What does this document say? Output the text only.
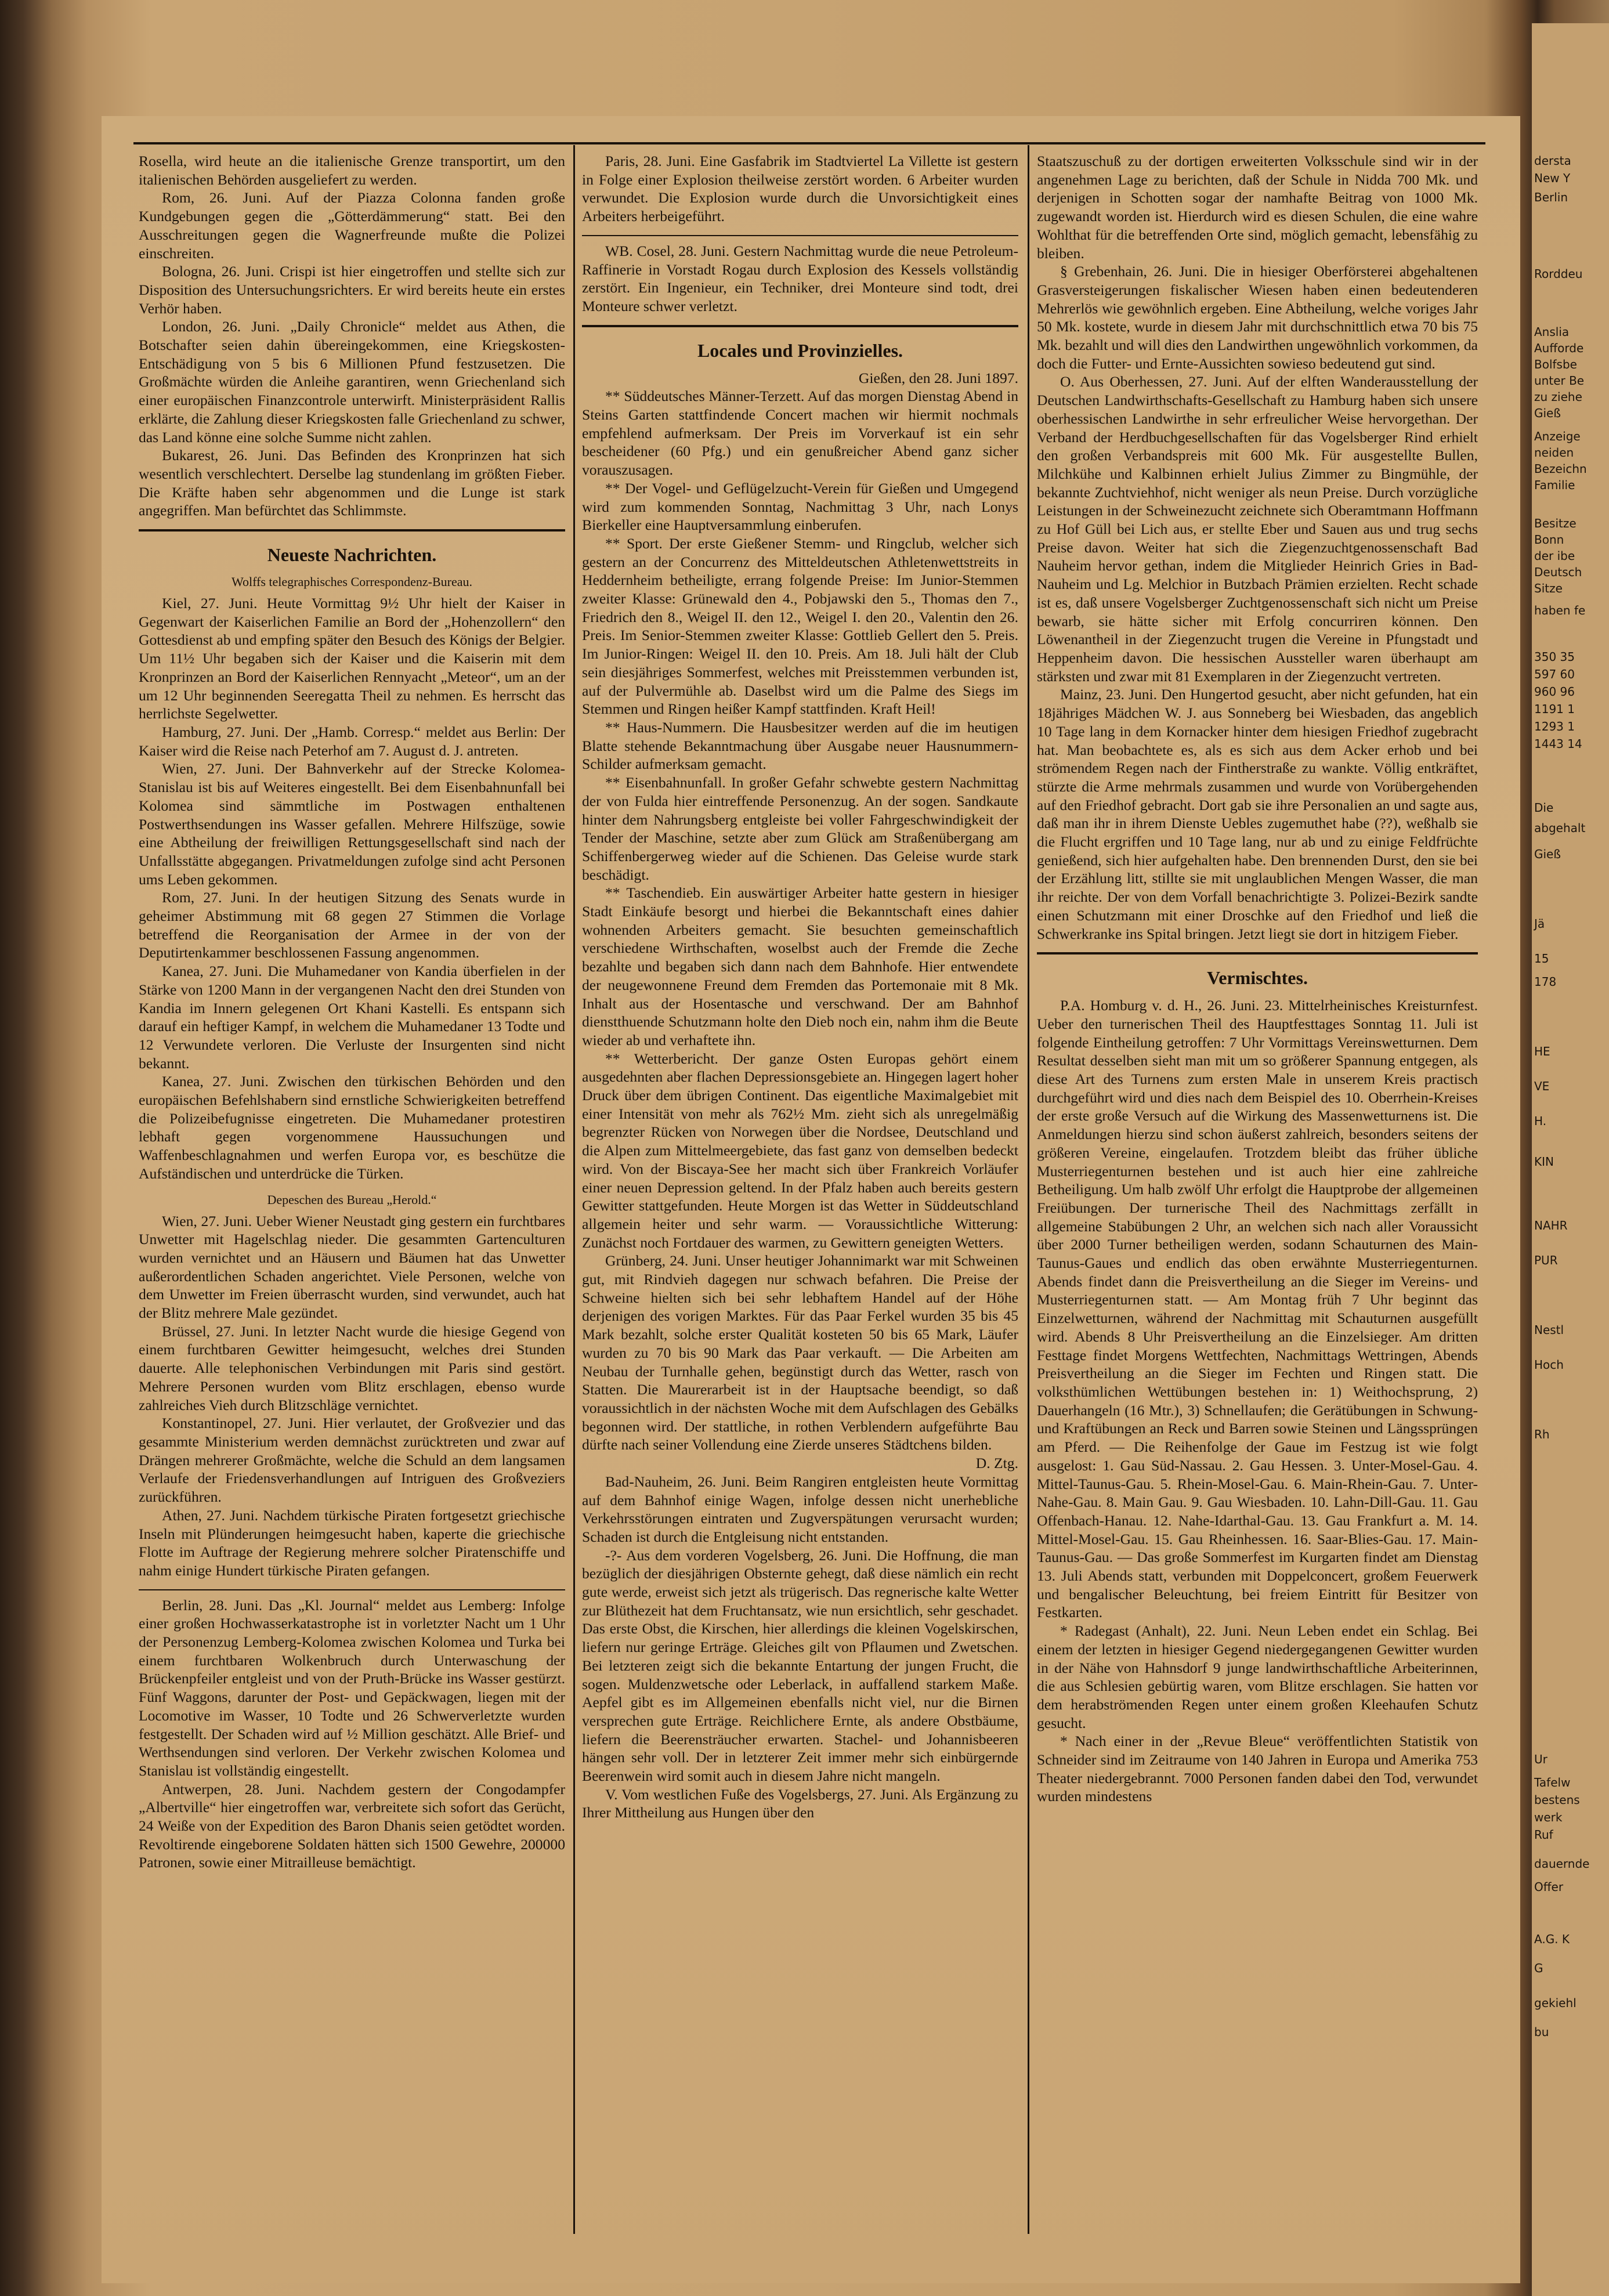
Rosella, wird heute an die italienische Grenze transportirt, um den italienischen Behörden ausgeliefert zu werden.

Rom, 26. Juni. Auf der Piazza Colonna fanden große Kundgebungen gegen die „Götterdämmerung“ statt. Bei den Ausschreitungen gegen die Wagnerfreunde mußte die Polizei einschreiten.

Bologna, 26. Juni. Crispi ist hier eingetroffen und stellte sich zur Disposition des Untersuchungsrichters. Er wird bereits heute ein erstes Verhör haben.

London, 26. Juni. „Daily Chronicle“ meldet aus Athen, die Botschafter seien dahin übereingekommen, eine Kriegskosten-Entschädigung von 5 bis 6 Millionen Pfund festzusetzen. Die Großmächte würden die Anleihe garantiren, wenn Griechenland sich einer europäischen Finanzcontrole unterwirft. Ministerpräsident Rallis erklärte, die Zahlung dieser Kriegskosten falle Griechenland zu schwer, das Land könne eine solche Summe nicht zahlen.

Bukarest, 26. Juni. Das Befinden des Kronprinzen hat sich wesentlich verschlechtert. Derselbe lag stundenlang im größten Fieber. Die Kräfte haben sehr abgenommen und die Lunge ist stark angegriffen. Man befürchtet das Schlimmste.

Neueste Nachrichten.

Wolffs telegraphisches Correspondenz-Bureau.

Kiel, 27. Juni. Heute Vormittag 9½ Uhr hielt der Kaiser in Gegenwart der Kaiserlichen Familie an Bord der „Hohenzollern“ den Gottesdienst ab und empfing später den Besuch des Königs der Belgier. Um 11½ Uhr begaben sich der Kaiser und die Kaiserin mit dem Kronprinzen an Bord der Kaiserlichen Rennyacht „Meteor“, um an der um 12 Uhr beginnenden Seeregatta Theil zu nehmen. Es herrscht das herrlichste Segelwetter.

Hamburg, 27. Juni. Der „Hamb. Corresp.“ meldet aus Berlin: Der Kaiser wird die Reise nach Peterhof am 7. August d. J. antreten.

Wien, 27. Juni. Der Bahnverkehr auf der Strecke Kolomea-Stanislau ist bis auf Weiteres eingestellt. Bei dem Eisenbahnunfall bei Kolomea sind sämmtliche im Postwagen enthaltenen Postwerthsendungen ins Wasser gefallen. Mehrere Hilfszüge, sowie eine Abtheilung der freiwilligen Rettungsgesellschaft sind nach der Unfallsstätte abgegangen. Privatmeldungen zufolge sind acht Personen ums Leben gekommen.

Rom, 27. Juni. In der heutigen Sitzung des Senats wurde in geheimer Abstimmung mit 68 gegen 27 Stimmen die Vorlage betreffend die Reorganisation der Armee in der von der Deputirtenkammer beschlossenen Fassung angenommen.

Kanea, 27. Juni. Die Muhamedaner von Kandia überfielen in der Stärke von 1200 Mann in der vergangenen Nacht den drei Stunden von Kandia im Innern gelegenen Ort Khani Kastelli. Es entspann sich darauf ein heftiger Kampf, in welchem die Muhamedaner 13 Todte und 12 Verwundete verloren. Die Verluste der Insurgenten sind nicht bekannt.

Kanea, 27. Juni. Zwischen den türkischen Behörden und den europäischen Befehlshabern sind ernstliche Schwierigkeiten betreffend die Polizeibefugnisse eingetreten. Die Muhamedaner protestiren lebhaft gegen vorgenommene Haussuchungen und Waffenbeschlagnahmen und werfen Europa vor, es beschütze die Aufständischen und unterdrücke die Türken.

Depeschen des Bureau „Herold.“

Wien, 27. Juni. Ueber Wiener Neustadt ging gestern ein furchtbares Unwetter mit Hagelschlag nieder. Die gesammten Gartenculturen wurden vernichtet und an Häusern und Bäumen hat das Unwetter außerordentlichen Schaden angerichtet. Viele Personen, welche von dem Unwetter im Freien überrascht wurden, sind verwundet, auch hat der Blitz mehrere Male gezündet.

Brüssel, 27. Juni. In letzter Nacht wurde die hiesige Gegend von einem furchtbaren Gewitter heimgesucht, welches drei Stunden dauerte. Alle telephonischen Verbindungen mit Paris sind gestört. Mehrere Personen wurden vom Blitz erschlagen, ebenso wurde zahlreiches Vieh durch Blitzschläge vernichtet.

Konstantinopel, 27. Juni. Hier verlautet, der Großvezier und das gesammte Ministerium werden demnächst zurücktreten und zwar auf Drängen mehrerer Großmächte, welche die Schuld an dem langsamen Verlaufe der Friedensverhandlungen auf Intriguen des Großveziers zurückführen.

Athen, 27. Juni. Nachdem türkische Piraten fortgesetzt griechische Inseln mit Plünderungen heimgesucht haben, kaperte die griechische Flotte im Auftrage der Regierung mehrere solcher Piratenschiffe und nahm einige Hundert türkische Piraten gefangen.

Berlin, 28. Juni. Das „Kl. Journal“ meldet aus Lemberg: Infolge einer großen Hochwasserkatastrophe ist in vorletzter Nacht um 1 Uhr der Personenzug Lemberg-Kolomea zwischen Kolomea und Turka bei einem furchtbaren Wolkenbruch durch Unterwaschung der Brückenpfeiler entgleist und von der Pruth-Brücke ins Wasser gestürzt. Fünf Waggons, darunter der Post- und Gepäckwagen, liegen mit der Locomotive im Wasser, 10 Todte und 26 Schwerverletzte wurden festgestellt. Der Schaden wird auf ½ Million geschätzt. Alle Brief- und Werthsendungen sind verloren. Der Verkehr zwischen Kolomea und Stanislau ist vollständig eingestellt.

Antwerpen, 28. Juni. Nachdem gestern der Congodampfer „Albertville“ hier eingetroffen war, verbreitete sich sofort das Gerücht, 24 Weiße von der Expedition des Baron Dhanis seien getödtet worden. Revoltirende eingeborene Soldaten hätten sich 1500 Gewehre, 200000 Patronen, sowie einer Mitrailleuse bemächtigt.

Paris, 28. Juni. Eine Gasfabrik im Stadtviertel La Villette ist gestern in Folge einer Explosion theilweise zerstört worden. 6 Arbeiter wurden verwundet. Die Explosion wurde durch die Unvorsichtigkeit eines Arbeiters herbeigeführt.

WB. Cosel, 28. Juni. Gestern Nachmittag wurde die neue Petroleum-Raffinerie in Vorstadt Rogau durch Explosion des Kessels vollständig zerstört. Ein Ingenieur, ein Techniker, drei Monteure sind todt, drei Monteure schwer verletzt.

Locales und Provinzielles.

Gießen, den 28. Juni 1897.

** Süddeutsches Männer-Terzett. Auf das morgen Dienstag Abend in Steins Garten stattfindende Concert machen wir hiermit nochmals empfehlend aufmerksam. Der Preis im Vorverkauf ist ein sehr bescheidener (60 Pfg.) und ein genußreicher Abend ganz sicher vorauszusagen.

** Der Vogel- und Geflügelzucht-Verein für Gießen und Umgegend wird zum kommenden Sonntag, Nachmittag 3 Uhr, nach Lonys Bierkeller eine Hauptversammlung einberufen.

** Sport. Der erste Gießener Stemm- und Ringclub, welcher sich gestern an der Concurrenz des Mitteldeutschen Athletenwettstreits in Heddernheim betheiligte, errang folgende Preise: Im Junior-Stemmen zweiter Klasse: Grünewald den 4., Pobjawski den 5., Thomas den 7., Friedrich den 8., Weigel II. den 12., Weigel I. den 20., Valentin den 26. Preis. Im Senior-Stemmen zweiter Klasse: Gottlieb Gellert den 5. Preis. Im Junior-Ringen: Weigel II. den 10. Preis. Am 18. Juli hält der Club sein diesjähriges Sommerfest, welches mit Preisstemmen verbunden ist, auf der Pulvermühle ab. Daselbst wird um die Palme des Siegs im Stemmen und Ringen heißer Kampf stattfinden. Kraft Heil!

** Haus-Nummern. Die Hausbesitzer werden auf die im heutigen Blatte stehende Bekanntmachung über Ausgabe neuer Hausnummern-Schilder aufmerksam gemacht.

** Eisenbahnunfall. In großer Gefahr schwebte gestern Nachmittag der von Fulda hier eintreffende Personenzug. An der sogen. Sandkaute hinter dem Nahrungsberg entgleiste bei voller Fahrgeschwindigkeit der Tender der Maschine, setzte aber zum Glück am Straßenübergang am Schiffenbergerweg wieder auf die Schienen. Das Geleise wurde stark beschädigt.

** Taschendieb. Ein auswärtiger Arbeiter hatte gestern in hiesiger Stadt Einkäufe besorgt und hierbei die Bekanntschaft eines dahier wohnenden Arbeiters gemacht. Sie besuchten gemeinschaftlich verschiedene Wirthschaften, woselbst auch der Fremde die Zeche bezahlte und begaben sich dann nach dem Bahnhofe. Hier entwendete der neugewonnene Freund dem Fremden das Portemonaie mit 8 Mk. Inhalt aus der Hosentasche und verschwand. Der am Bahnhof dienstthuende Schutzmann holte den Dieb noch ein, nahm ihm die Beute wieder ab und verhaftete ihn.

** Wetterbericht. Der ganze Osten Europas gehört einem ausgedehnten aber flachen Depressionsgebiete an. Hingegen lagert hoher Druck über dem übrigen Continent. Das eigentliche Maximalgebiet mit einer Intensität von mehr als 762½ Mm. zieht sich als unregelmäßig begrenzter Rücken von Norwegen über die Nordsee, Deutschland und die Alpen zum Mittelmeergebiete, das fast ganz von demselben bedeckt wird. Von der Biscaya-See her macht sich über Frankreich Vorläufer einer neuen Depression geltend. In der Pfalz haben auch bereits gestern Gewitter stattgefunden. Heute Morgen ist das Wetter in Süddeutschland allgemein heiter und sehr warm. — Voraussichtliche Witterung: Zunächst noch Fortdauer des warmen, zu Gewittern geneigten Wetters.

Grünberg, 24. Juni. Unser heutiger Johannimarkt war mit Schweinen gut, mit Rindvieh dagegen nur schwach befahren. Die Preise der Schweine hielten sich bei sehr lebhaftem Handel auf der Höhe derjenigen des vorigen Marktes. Für das Paar Ferkel wurden 35 bis 45 Mark bezahlt, solche erster Qualität kosteten 50 bis 65 Mark, Läufer wurden zu 70 bis 90 Mark das Paar verkauft. — Die Arbeiten am Neubau der Turnhalle gehen, begünstigt durch das Wetter, rasch von Statten. Die Maurerarbeit ist in der Hauptsache beendigt, so daß voraussichtlich in der nächsten Woche mit dem Aufschlagen des Gebälks begonnen wird. Der stattliche, in rothen Verblendern aufgeführte Bau dürfte nach seiner Vollendung eine Zierde unseres Städtchens bilden.

D. Ztg.

Bad-Nauheim, 26. Juni. Beim Rangiren entgleisten heute Vormittag auf dem Bahnhof einige Wagen, infolge dessen nicht unerhebliche Verkehrsstörungen eintraten und Zugverspätungen verursacht wurden; Schaden ist durch die Entgleisung nicht entstanden.

-?- Aus dem vorderen Vogelsberg, 26. Juni. Die Hoffnung, die man bezüglich der diesjährigen Obsternte gehegt, daß diese nämlich ein recht gute werde, erweist sich jetzt als trügerisch. Das regnerische kalte Wetter zur Blüthezeit hat dem Fruchtansatz, wie nun ersichtlich, sehr geschadet. Das erste Obst, die Kirschen, hier allerdings die kleinen Vogelskirschen, liefern nur geringe Erträge. Gleiches gilt von Pflaumen und Zwetschen. Bei letzteren zeigt sich die bekannte Entartung der jungen Frucht, die sogen. Muldenzwetsche oder Leberlack, in auffallend starkem Maße. Aepfel gibt es im Allgemeinen ebenfalls nicht viel, nur die Birnen versprechen gute Erträge. Reichlichere Ernte, als andere Obstbäume, liefern die Beerensträucher erwarten. Stachel- und Johannisbeeren hängen sehr voll. Der in letzterer Zeit immer mehr sich einbürgernde Beerenwein wird somit auch in diesem Jahre nicht mangeln.

V. Vom westlichen Fuße des Vogelsbergs, 27. Juni. Als Ergänzung zu Ihrer Mittheilung aus Hungen über den

Staatszuschuß zu der dortigen erweiterten Volksschule sind wir in der angenehmen Lage zu berichten, daß der Schule in Nidda 700 Mk. und derjenigen in Schotten sogar der namhafte Beitrag von 1000 Mk. zugewandt worden ist. Hierdurch wird es diesen Schulen, die eine wahre Wohlthat für die betreffenden Orte sind, möglich gemacht, lebensfähig zu bleiben.

§ Grebenhain, 26. Juni. Die in hiesiger Oberförsterei abgehaltenen Grasversteigerungen fiskalischer Wiesen haben einen bedeutenderen Mehrerlös wie gewöhnlich ergeben. Eine Abtheilung, welche voriges Jahr 50 Mk. kostete, wurde in diesem Jahr mit durchschnittlich etwa 70 bis 75 Mk. bezahlt und will dies den Landwirthen ungewöhnlich vorkommen, da doch die Futter- und Ernte-Aussichten sowieso bedeutend gut sind.

O. Aus Oberhessen, 27. Juni. Auf der elften Wanderausstellung der Deutschen Landwirthschafts-Gesellschaft zu Hamburg haben sich unsere oberhessischen Landwirthe in sehr erfreulicher Weise hervorgethan. Der Verband der Herdbuchgesellschaften für das Vogelsberger Rind erhielt den großen Verbandspreis mit 600 Mk. Für ausgestellte Bullen, Milchkühe und Kalbinnen erhielt Julius Zimmer zu Bingmühle, der bekannte Zuchtviehhof, nicht weniger als neun Preise. Durch vorzügliche Leistungen in der Schweinezucht zeichnete sich Oberamtmann Hoffmann zu Hof Güll bei Lich aus, er stellte Eber und Sauen aus und trug sechs Preise davon. Weiter hat sich die Ziegenzuchtgenossenschaft Bad Nauheim hervor gethan, indem die Mitglieder Heinrich Gries in Bad-Nauheim und Lg. Melchior in Butzbach Prämien erzielten. Recht schade ist es, daß unsere Vogelsberger Zuchtgenossenschaft sich nicht um Preise bewarb, sie hätte sicher mit Erfolg concurriren können. Den Löwenantheil in der Ziegenzucht trugen die Vereine in Pfungstadt und Heppenheim davon. Die hessischen Aussteller waren überhaupt am stärksten und zwar mit 81 Exemplaren in der Ziegenzucht vertreten.

Mainz, 23. Juni. Den Hungertod gesucht, aber nicht gefunden, hat ein 18jähriges Mädchen W. J. aus Sonneberg bei Wiesbaden, das angeblich 10 Tage lang in dem Kornacker hinter dem hiesigen Friedhof zugebracht hat. Man beobachtete es, als es sich aus dem Acker erhob und bei strömendem Regen nach der Fintherstraße zu wankte. Völlig entkräftet, stürzte die Arme mehrmals zusammen und wurde von Vorübergehenden auf den Friedhof gebracht. Dort gab sie ihre Personalien an und sagte aus, daß man ihr in ihrem Dienste Uebles zugemuthet habe (??), weßhalb sie die Flucht ergriffen und 10 Tage lang, nur ab und zu einige Feldfrüchte genießend, sich hier aufgehalten habe. Den brennenden Durst, den sie bei der Erzählung litt, stillte sie mit unglaublichen Mengen Wasser, die man ihr reichte. Der von dem Vorfall benachrichtigte 3. Polizei-Bezirk sandte einen Schutzmann mit einer Droschke auf den Friedhof und ließ die Schwerkranke ins Spital bringen. Jetzt liegt sie dort in hitzigem Fieber.

Vermischtes.

P.A. Homburg v. d. H., 26. Juni. 23. Mittelrheinisches Kreisturnfest. Ueber den turnerischen Theil des Hauptfesttages Sonntag 11. Juli ist folgende Eintheilung getroffen: 7 Uhr Vormittags Vereinswetturnen. Dem Resultat desselben sieht man mit um so größerer Spannung entgegen, als diese Art des Turnens zum ersten Male in unserem Kreis practisch durchgeführt wird und dies nach dem Beispiel des 10. Oberrhein-Kreises der erste große Versuch auf die Wirkung des Massenwetturnens ist. Die Anmeldungen hierzu sind schon äußerst zahlreich, besonders seitens der größeren Vereine, eingelaufen. Trotzdem bleibt das früher übliche Musterriegenturnen bestehen und ist auch hier eine zahlreiche Betheiligung. Um halb zwölf Uhr erfolgt die Hauptprobe der allgemeinen Freiübungen. Der turnerische Theil des Nachmittags zerfällt in allgemeine Stabübungen 2 Uhr, an welchen sich nach aller Voraussicht über 2000 Turner betheiligen werden, sodann Schauturnen des Main-Taunus-Gaues und endlich das oben erwähnte Musterriegenturnen. Abends findet dann die Preisvertheilung an die Sieger im Vereins- und Musterriegenturnen statt. — Am Montag früh 7 Uhr beginnt das Einzelwetturnen, während der Nachmittag mit Schauturnen ausgefüllt wird. Abends 8 Uhr Preisvertheilung an die Einzelsieger. Am dritten Festtage findet Morgens Wettfechten, Nachmittags Wettringen, Abends Preisvertheilung an die Sieger im Fechten und Ringen statt. Die volksthümlichen Wettübungen bestehen in: 1) Weithochsprung, 2) Dauerhangeln (16 Mtr.), 3) Schnellaufen; die Gerätübungen in Schwung- und Kraftübungen an Reck und Barren sowie Steinen und Längssprüngen am Pferd. — Die Reihenfolge der Gaue im Festzug ist wie folgt ausgelost: 1. Gau Süd-Nassau. 2. Gau Hessen. 3. Unter-Mosel-Gau. 4. Mittel-Taunus-Gau. 5. Rhein-Mosel-Gau. 6. Main-Rhein-Gau. 7. Unter-Nahe-Gau. 8. Main Gau. 9. Gau Wiesbaden. 10. Lahn-Dill-Gau. 11. Gau Offenbach-Hanau. 12. Nahe-Idarthal-Gau. 13. Gau Frankfurt a. M. 14. Mittel-Mosel-Gau. 15. Gau Rheinhessen. 16. Saar-Blies-Gau. 17. Main-Taunus-Gau. — Das große Sommerfest im Kurgarten findet am Dienstag 13. Juli Abends statt, verbunden mit Doppelconcert, großem Feuerwerk und bengalischer Beleuchtung, bei freiem Eintritt für Besitzer von Festkarten.

* Radegast (Anhalt), 22. Juni. Neun Leben endet ein Schlag. Bei einem der letzten in hiesiger Gegend niedergegangenen Gewitter wurden in der Nähe von Hahnsdorf 9 junge landwirthschaftliche Arbeiterinnen, die aus Schlesien gebürtig waren, vom Blitze erschlagen. Sie hatten vor dem herabströmenden Regen unter einem großen Kleehaufen Schutz gesucht.

* Nach einer in der „Revue Bleue“ veröffentlichten Statistik von Schneider sind im Zeitraume von 140 Jahren in Europa und Amerika 753 Theater niedergebrannt. 7000 Personen fanden dabei den Tod, verwundet wurden mindestens

dersta
New Y
Berlin
Rorddeu
Anslia
Aufforde
Bolfsbe
unter Be
zu ziehe
Gieß
Anzeige
neiden
Bezeichn
Familie
Besitze
Bonn
der ibe
Deutsch
Sitze
haben fe
350 35
597 60
960 96
1191 1
1293 1
1443 14
Die
abgehalt
Gieß
Jä
15
178
HE
VE
H.
KIN
NAHR
PUR
Nestl
Hoch
Rh
Ur
Tafelw
bestens
werk
Ruf
dauernde
Offer
A.G. K
G
gekiehl
bu
